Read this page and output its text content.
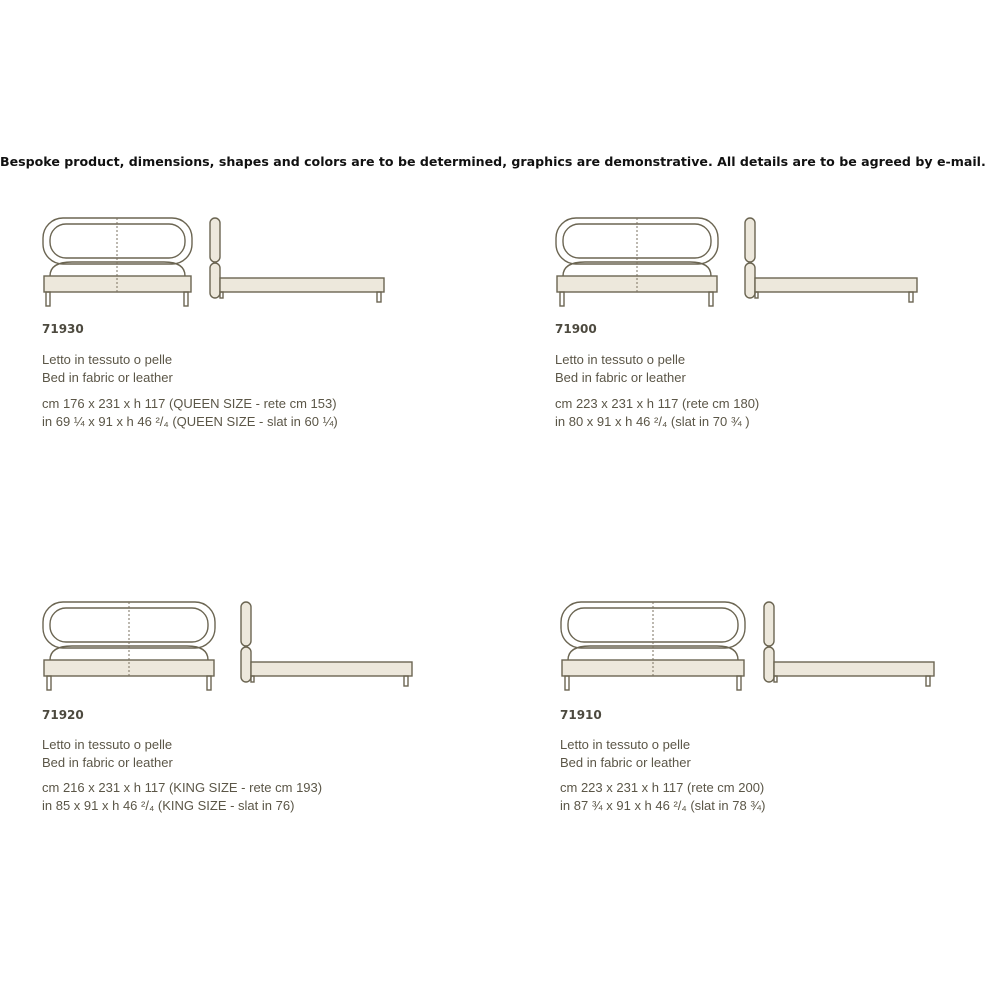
Bespoke product, dimensions, shapes and colors are to be determined, graphics are demonstrative. All details are to be agreed by e-mail.
71930
Letto in tessuto o pelle
Bed in fabric or leather
cm 176 x 231 x h 117 (QUEEN SIZE - rete cm 153)
in 69 ¼ x 91 x h 46 ²/₄ (QUEEN SIZE - slat in 60 ¼)
71900
Letto in tessuto o pelle
Bed in fabric or leather
cm 223 x 231 x h 117 (rete cm 180)
in 80 x 91 x h 46 ²/₄ (slat in 70 ¾ )
71920
Letto in tessuto o pelle
Bed in fabric or leather
cm 216 x 231 x h 117 (KING SIZE - rete cm 193)
in 85 x 91 x h 46 ²/₄ (KING SIZE - slat in 76)
71910
Letto in tessuto o pelle
Bed in fabric or leather
cm 223 x 231 x h 117 (rete cm 200)
in 87 ¾ x 91 x h 46 ²/₄ (slat in 78 ¾)
